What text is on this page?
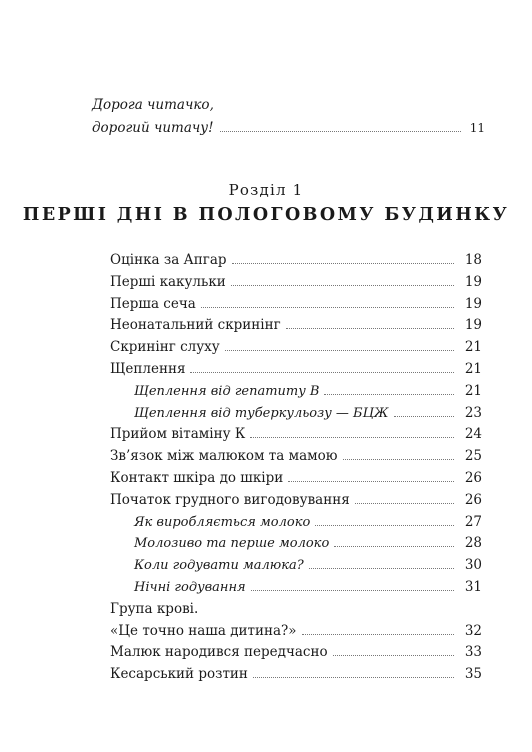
Дорога читачко,
дорогий читачу!	11
Розділ 1
ПЕРШІ ДНІ В ПОЛОГОВОМУ БУДИНКУ
Оцінка за Апгар	18
Перші какульки	19
Перша сеча	19
Неонатальний скринінг	19
Скринінг слуху	21
Щеплення	21
Щеплення від гепатиту В	21
Щеплення від туберкульозу — БЦЖ	23
Прийом вітаміну К	24
Зв’язок між малюком та мамою	25
Контакт шкіра до шкіри	26
Початок грудного вигодовування	26
Як виробляється молоко	27
Молозиво та перше молоко	28
Коли годувати малюка?	30
Нічні годування	31
Група крові.
«Це точно наша дитина?»	32
Малюк народився передчасно	33
Кесарський розтин	35
